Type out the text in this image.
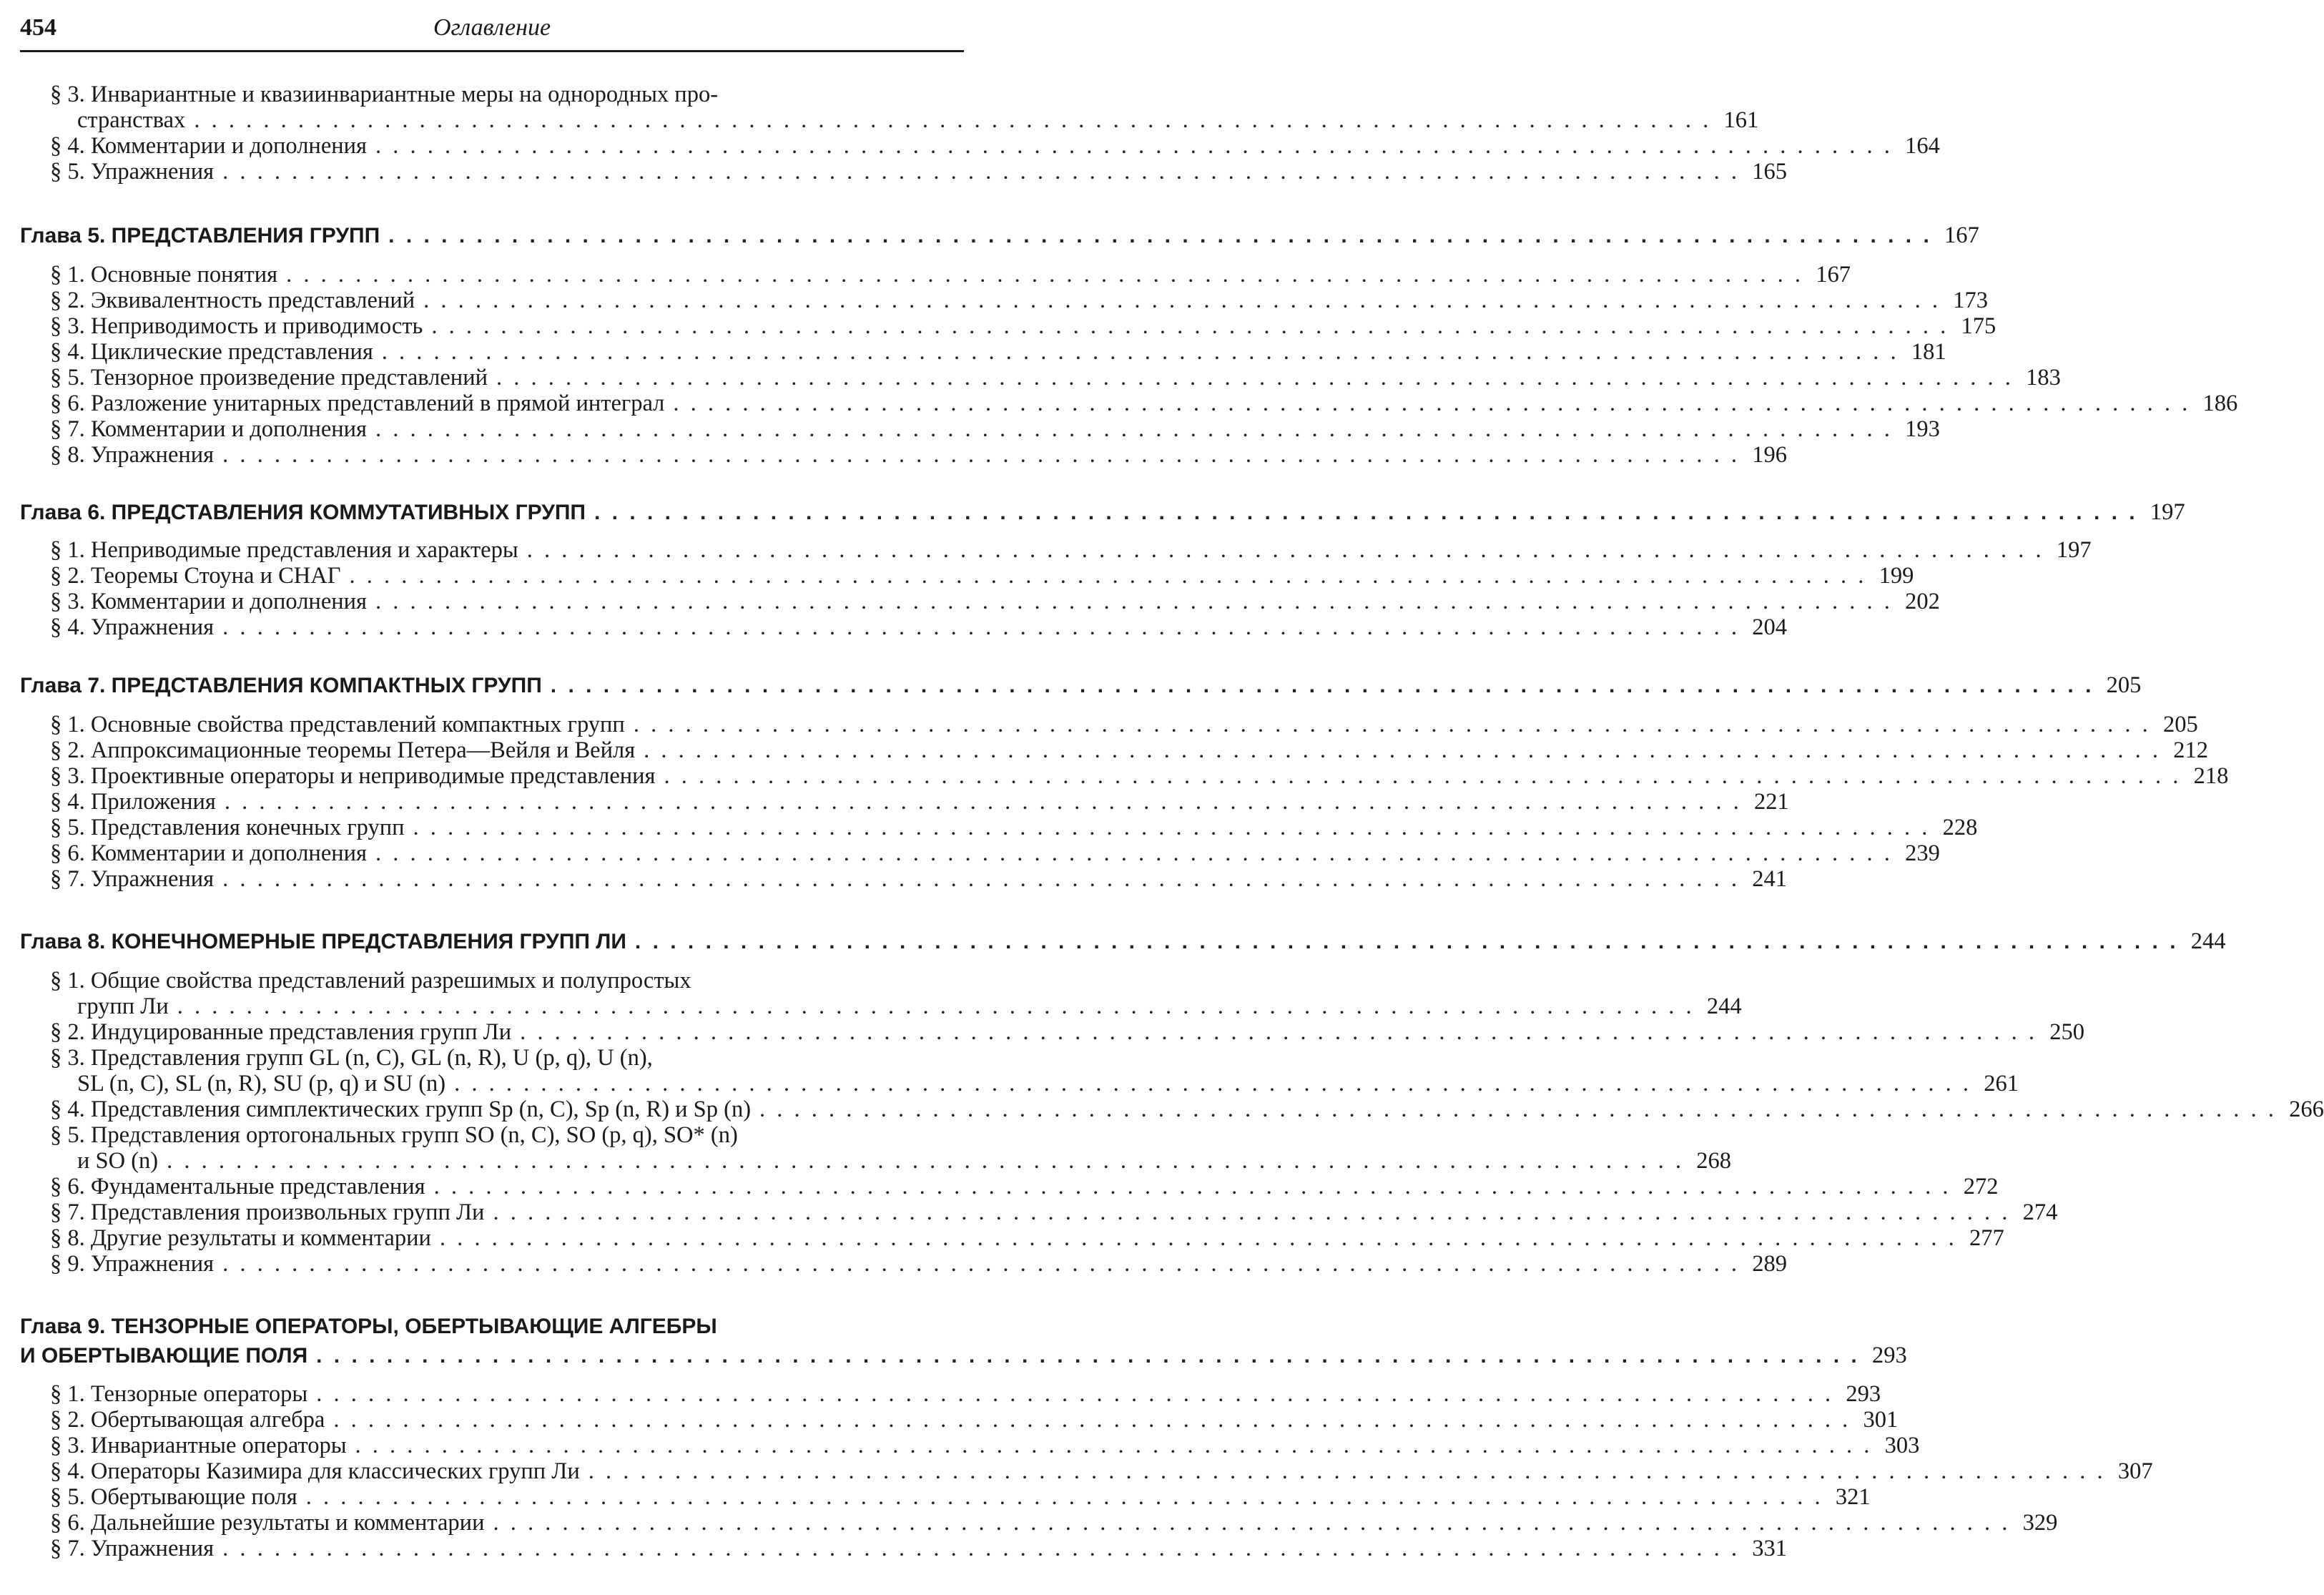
454	Оглавление
§ 3. Инвариантные и квазиинвариантные меры на однородных про-
странствах . . .	161
§ 4. Комментарии и дополнения . . .	164
§ 5. Упражнения . . .	165
Глава 5. ПРЕДСТАВЛЕНИЯ ГРУПП . . .	167
§ 1. Основные понятия . . .	167
§ 2. Эквивалентность представлений . . .	173
§ 3. Неприводимость и приводимость . . .	175
§ 4. Циклические представления . . .	181
§ 5. Тензорное произведение представлений . . .	183
§ 6. Разложение унитарных представлений в прямой интеграл . . .	186
§ 7. Комментарии и дополнения . . .	193
§ 8. Упражнения . . .	196
Глава 6. ПРЕДСТАВЛЕНИЯ КОММУТАТИВНЫХ ГРУПП . . .	197
§ 1. Неприводимые представления и характеры . . .	197
§ 2. Теоремы Стоуна и СНАГ . . .	199
§ 3. Комментарии и дополнения . . .	202
§ 4. Упражнения . . .	204
Глава 7. ПРЕДСТАВЛЕНИЯ КОМПАКТНЫХ ГРУПП . . .	205
§ 1. Основные свойства представлений компактных групп . . .	205
§ 2. Аппроксимационные теоремы Петера—Вейля и Вейля . . .	212
§ 3. Проективные операторы и неприводимые представления . . .	218
§ 4. Приложения . . .	221
§ 5. Представления конечных групп . . .	228
§ 6. Комментарии и дополнения . . .	239
§ 7. Упражнения . . .	241
Глава 8. КОНЕЧНОМЕРНЫЕ ПРЕДСТАВЛЕНИЯ ГРУПП ЛИ . . .	244
§ 1. Общие свойства представлений разрешимых и полупростых
групп Ли . . .	244
§ 2. Индуцированные представления групп Ли . . .	250
§ 3. Представления групп GL (n, C), GL (n, R), U (p, q), U (n),
SL (n, C), SL (n, R), SU (p, q) и SU (n) . . .	261
§ 4. Представления симплектических групп Sp (n, C), Sp (n, R) и Sp (n) . . .	266
§ 5. Представления ортогональных групп SO (n, C), SO (p, q), SO* (n)
и SO (n) . . .	268
§ 6. Фундаментальные представления . . .	272
§ 7. Представления произвольных групп Ли . . .	274
§ 8. Другие результаты и комментарии . . .	277
§ 9. Упражнения . . .	289
Глава 9. ТЕНЗОРНЫЕ ОПЕРАТОРЫ, ОБЕРТЫВАЮЩИЕ АЛГЕБРЫ
И ОБЕРТЫВАЮЩИЕ ПОЛЯ . . .	293
§ 1. Тензорные операторы . . .	293
§ 2. Обертывающая алгебра . . .	301
§ 3. Инвариантные операторы . . .	303
§ 4. Операторы Казимира для классических групп Ли . . .	307
§ 5. Обертывающие поля . . .	321
§ 6. Дальнейшие результаты и комментарии . . .	329
§ 7. Упражнения . . .	331
